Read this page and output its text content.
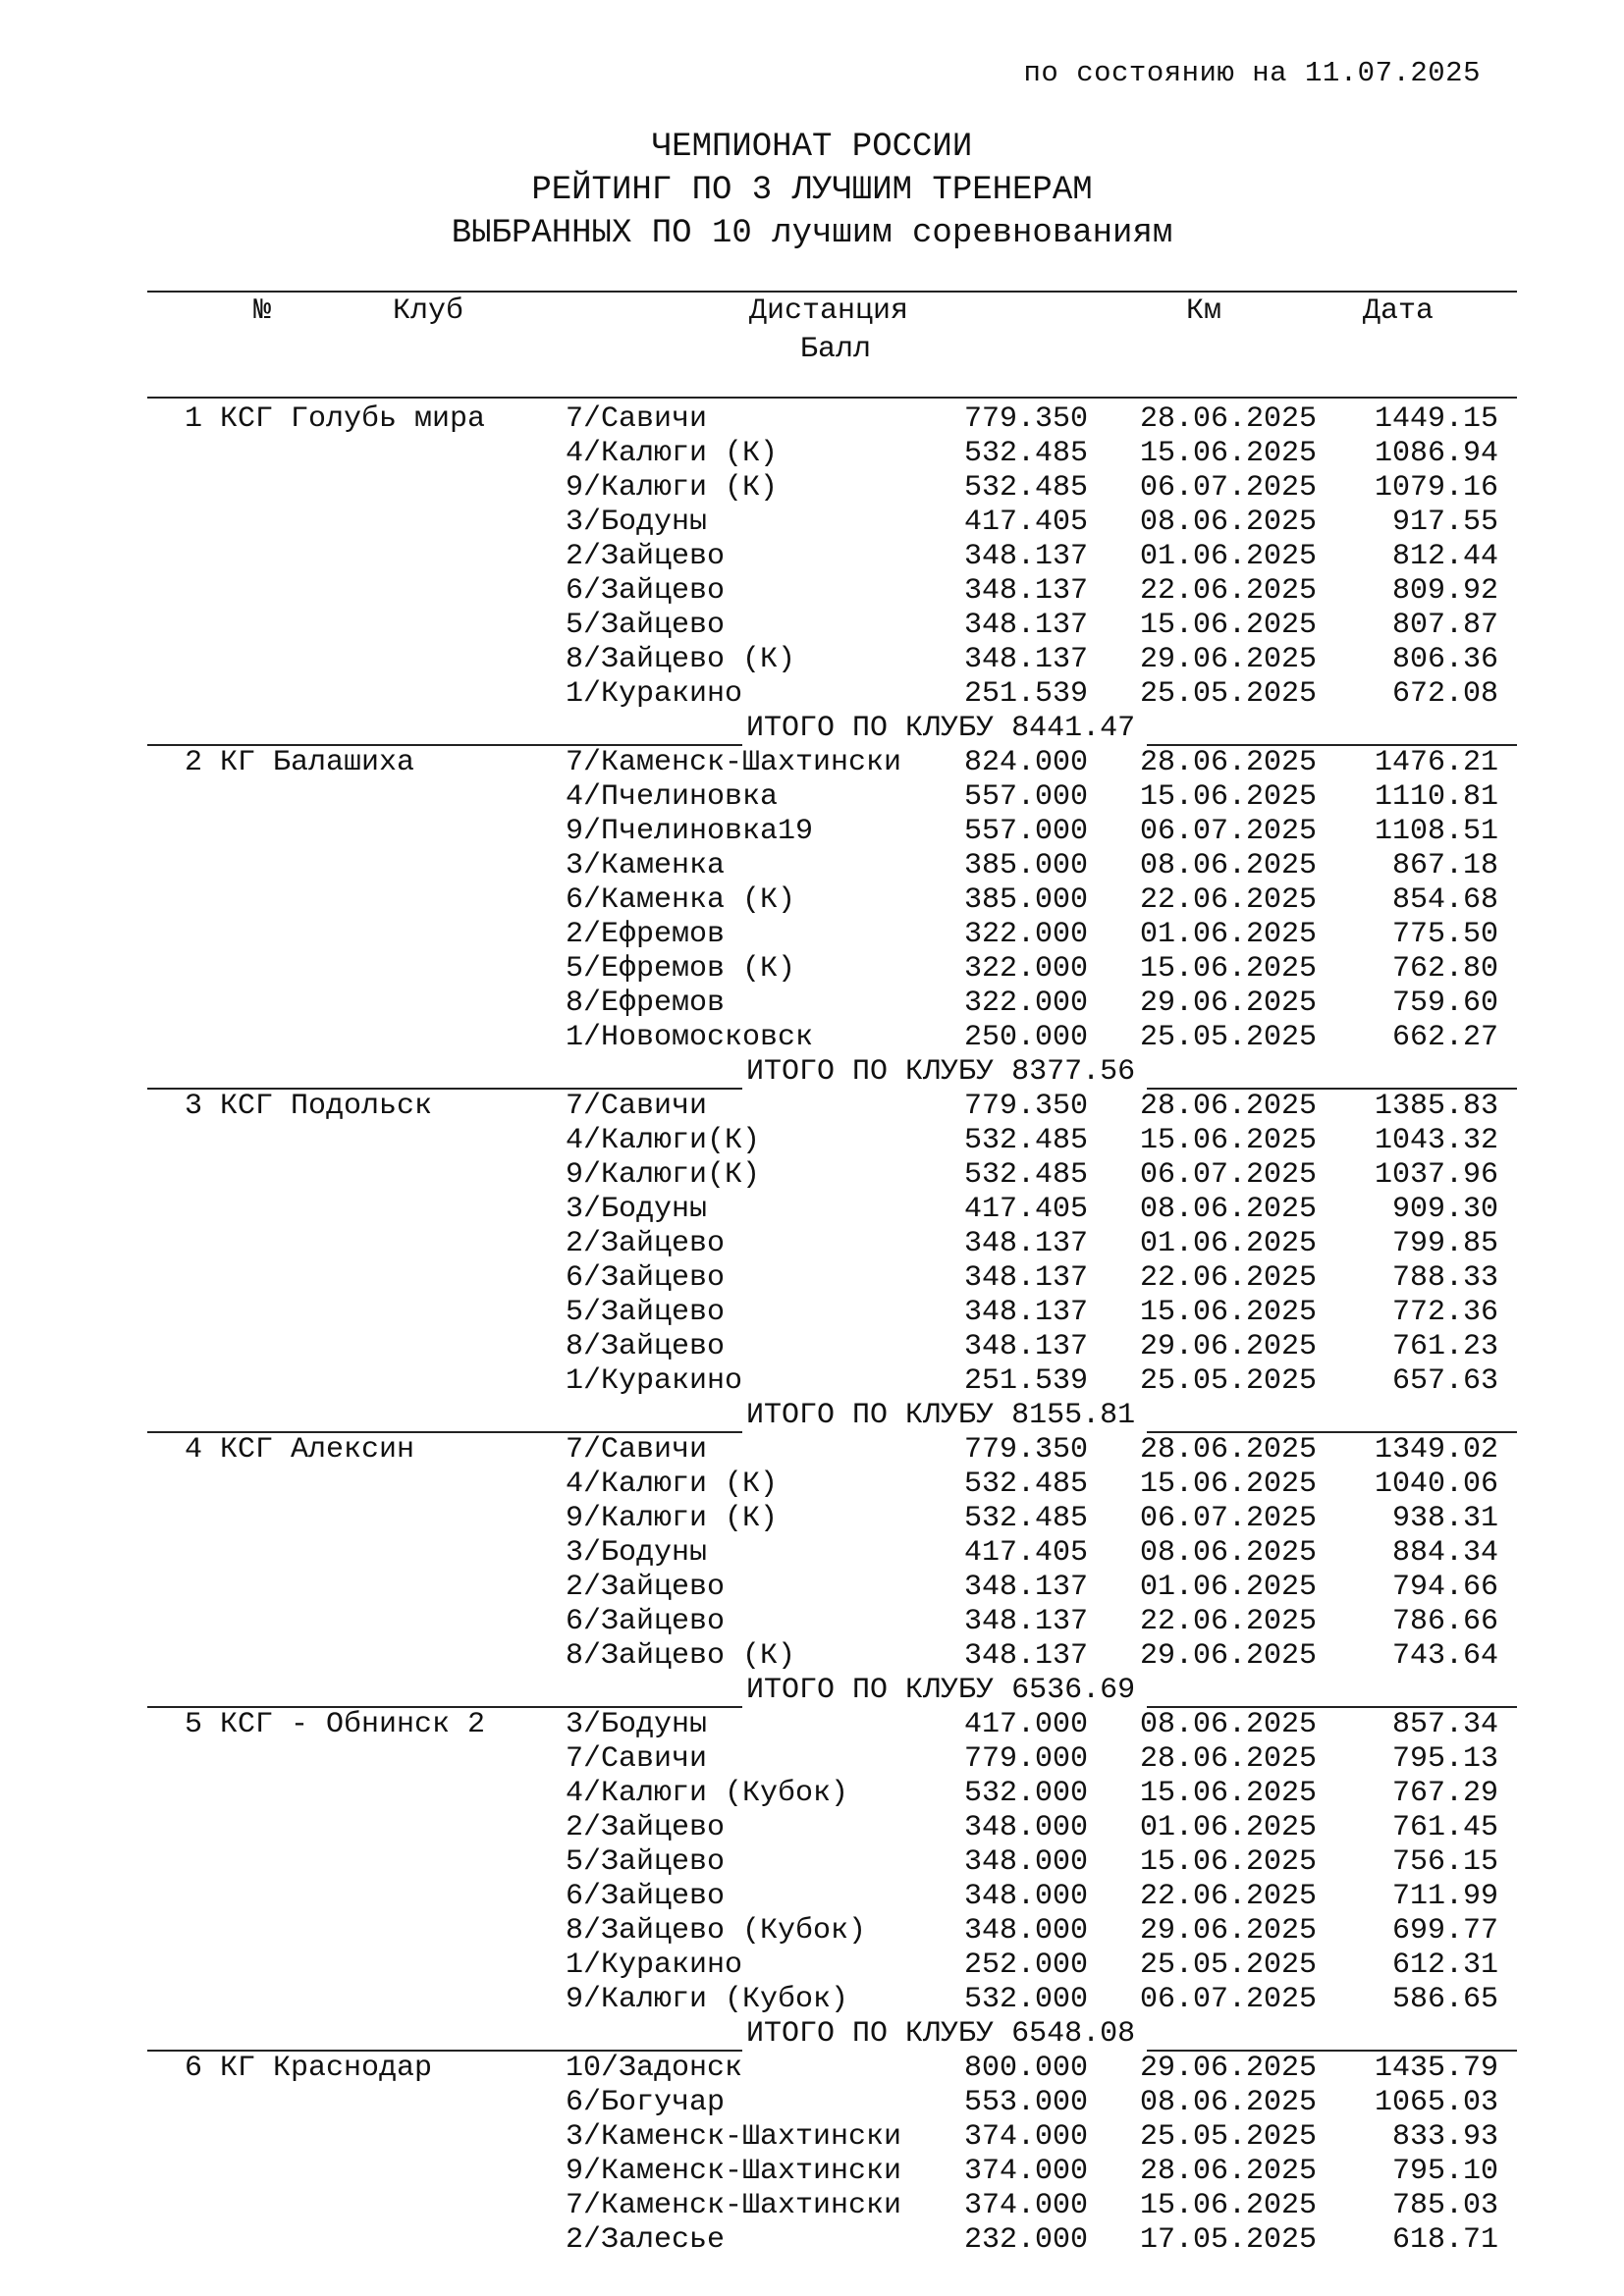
по состоянию на 11.07.2025
ЧЕМПИОНАТ РОССИИ
РЕЙТИНГ ПО 3 ЛУЧШИМ ТРЕНЕРАМ
ВЫБРАННЫХ ПО 10 лучшим соревнованиям
№	Клуб	Дистанция	Км	Дата
Балл
1 КСГ Голубь мира	7/Савичи	779.350 28.06.2025 1449.15
4/Калюги (К)	532.485 15.06.2025 1086.94
9/Калюги (К)	532.485 06.07.2025 1079.16
3/Бодуны	417.405 08.06.2025	917.55
2/Зайцево	348.137 01.06.2025	812.44
6/Зайцево	348.137 22.06.2025	809.92
5/Зайцево	348.137 15.06.2025	807.87
8/Зайцево (К)	348.137 29.06.2025	806.36
1/Куракино	251.539 25.05.2025	672.08
ИТОГО ПО КЛУБУ 8441.47
2 КГ Балашиха	7/Каменск-Шахтински 824.000 28.06.2025 1476.21
4/Пчелиновка	557.000 15.06.2025 1110.81
9/Пчелиновка19	557.000 06.07.2025 1108.51
3/Каменка	385.000 08.06.2025	867.18
6/Каменка (К)	385.000 22.06.2025	854.68
2/Ефремов	322.000 01.06.2025	775.50
5/Ефремов (К)	322.000 15.06.2025	762.80
8/Ефремов	322.000 29.06.2025	759.60
1/Новомосковск	250.000 25.05.2025	662.27
ИТОГО ПО КЛУБУ 8377.56
3 КСГ Подольск	7/Савичи	779.350 28.06.2025 1385.83
4/Калюги(К)	532.485 15.06.2025 1043.32
9/Калюги(К)	532.485 06.07.2025 1037.96
3/Бодуны	417.405 08.06.2025	909.30
2/Зайцево	348.137 01.06.2025	799.85
6/Зайцево	348.137 22.06.2025	788.33
5/Зайцево	348.137 15.06.2025	772.36
8/Зайцево	348.137 29.06.2025	761.23
1/Куракино	251.539 25.05.2025	657.63
ИТОГО ПО КЛУБУ 8155.81
4 КСГ Алексин	7/Савичи	779.350 28.06.2025 1349.02
4/Калюги (К)	532.485 15.06.2025 1040.06
9/Калюги (К)	532.485 06.07.2025	938.31
3/Бодуны	417.405 08.06.2025	884.34
2/Зайцево	348.137 01.06.2025	794.66
6/Зайцево	348.137 22.06.2025	786.66
8/Зайцево (К)	348.137 29.06.2025	743.64
ИТОГО ПО КЛУБУ 6536.69
5 КСГ - Обнинск 2	3/Бодуны	417.000 08.06.2025	857.34
7/Савичи	779.000 28.06.2025	795.13
4/Калюги (Кубок)	532.000 15.06.2025	767.29
2/Зайцево	348.000 01.06.2025	761.45
5/Зайцево	348.000 15.06.2025	756.15
6/Зайцево	348.000 22.06.2025	711.99
8/Зайцево (Кубок)	348.000 29.06.2025	699.77
1/Куракино	252.000 25.05.2025	612.31
9/Калюги (Кубок)	532.000 06.07.2025	586.65
ИТОГО ПО КЛУБУ 6548.08
6 КГ Краснодар	10/Задонск	800.000 29.06.2025 1435.79
6/Богучар	553.000 08.06.2025 1065.03
3/Каменск-Шахтински 374.000 25.05.2025	833.93
9/Каменск-Шахтински 374.000 28.06.2025	795.10
7/Каменск-Шахтински 374.000 15.06.2025	785.03
2/Залесье	232.000 17.05.2025	618.71
